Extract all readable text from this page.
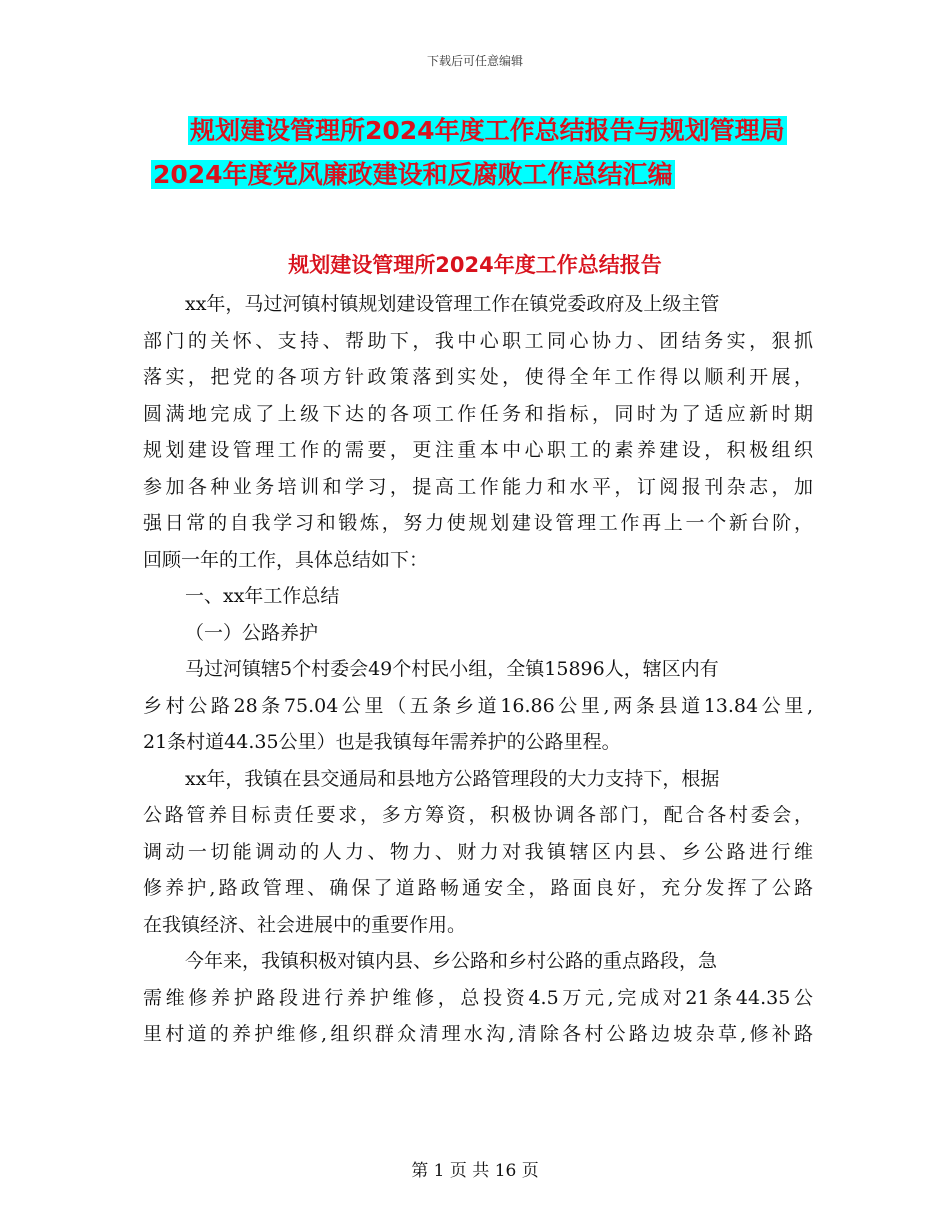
下载后可任意编辑
规划建设管理所2024年度工作总结报告与规划管理局
2024年度党风廉政建设和反腐败工作总结汇编
规划建设管理所2024年度工作总结报告
xx年，马过河镇村镇规划建设管理工作在镇党委政府及上级主管
部门的关怀、支持、帮助下，我中心职工同心协力、团结务实，狠抓
落实，把党的各项方针政策落到实处，使得全年工作得以顺利开展，
圆满地完成了上级下达的各项工作任务和指标，同时为了适应新时期
规划建设管理工作的需要，更注重本中心职工的素养建设，积极组织
参加各种业务培训和学习，提高工作能力和水平，订阅报刊杂志，加
强日常的自我学习和锻炼，努力使规划建设管理工作再上一个新台阶，
回顾一年的工作，具体总结如下：
一、xx年工作总结
（一）公路养护
马过河镇辖5个村委会49个村民小组，全镇15896人，辖区内有
乡村公路28条75.04公里（五条乡道16.86公里,两条县道13.84公里,
21条村道44.35公里）也是我镇每年需养护的公路里程。
xx年，我镇在县交通局和县地方公路管理段的大力支持下，根据
公路管养目标责任要求，多方筹资，积极协调各部门，配合各村委会，
调动一切能调动的人力、物力、财力对我镇辖区内县、乡公路进行维
修养护,路政管理、确保了道路畅通安全，路面良好，充分发挥了公路
在我镇经济、社会进展中的重要作用。
今年来，我镇积极对镇内县、乡公路和乡村公路的重点路段，急
需维修养护路段进行养护维修，总投资4.5万元,完成对21条44.35公
里村道的养护维修,组织群众清理水沟,清除各村公路边坡杂草,修补路
第 1 页 共 16 页
